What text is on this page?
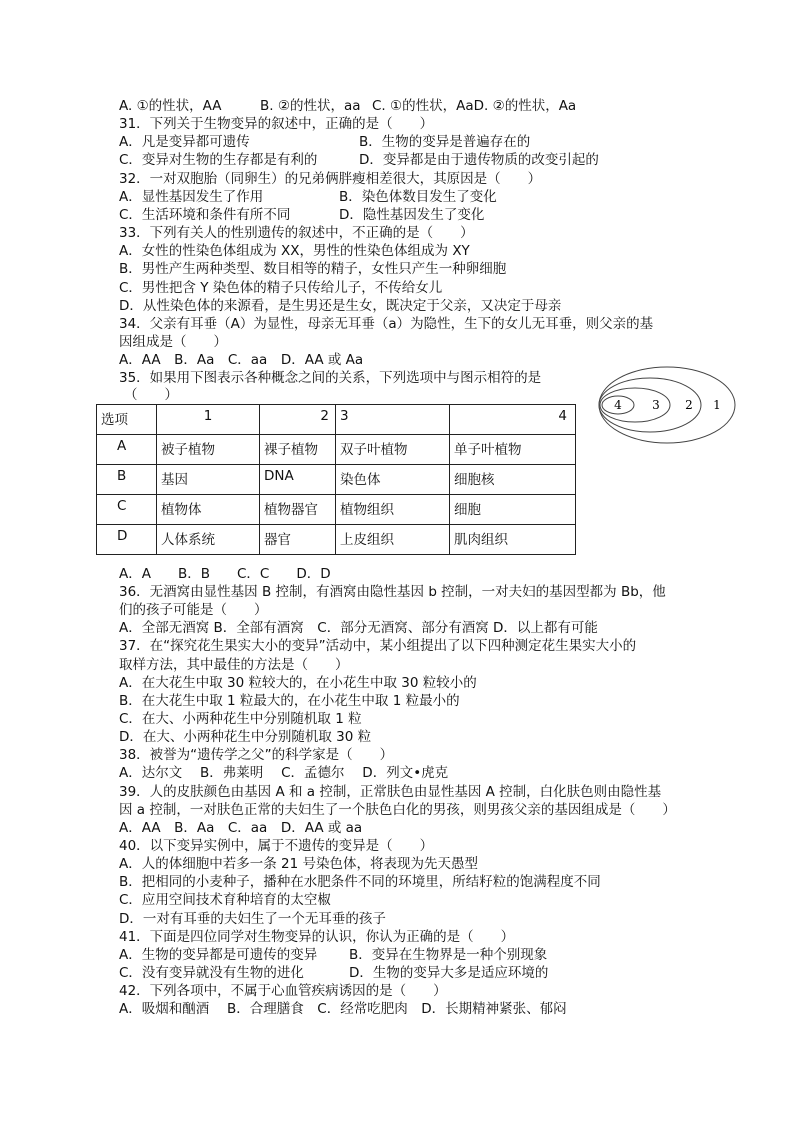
A. ①的性状，AA	B. ②的性状，aa C. ①的性状，AaD. ②的性状，Aa
31．下列关于生物变异的叙述中，正确的是（　　）
A．凡是变异都可遗传	B．生物的变异是普遍存在的
C．变异对生物的生存都是有利的	D．变异都是由于遗传物质的改变引起的
32．一对双胞胎（同卵生）的兄弟俩胖瘦相差很大，其原因是（　　）
A．显性基因发生了作用	B．染色体数目发生了变化
C．生活环境和条件有所不同	D．隐性基因发生了变化
33．下列有关人的性别遗传的叙述中，不正确的是（　　）
A．女性的性染色体组成为 XX，男性的性染色体组成为 XY
B．男性产生两种类型、数目相等的精子，女性只产生一种卵细胞
C．男性把含 Y 染色体的精子只传给儿子，不传给女儿
D．从性染色体的来源看，是生男还是生女，既决定于父亲，又决定于母亲
34．父亲有耳垂（A）为显性，母亲无耳垂（a）为隐性，生下的女儿无耳垂，则父亲的基
因组成是（　　）
A．AA　B．Aa　C．aa　D．AA 或 Aa
35．如果用下图表示各种概念之间的关系，下列选项中与图示相符的是
（　　）
选项	1	2	3	4
A	被子植物	裸子植物	双子叶植物	单子叶植物
B	基因	DNA	染色体	细胞核
C	植物体	植物器官	植物组织	细胞
D	人体系统	器官	上皮组织	肌肉组织
4	3 2 1
A．A　　B．B　　C．C　　D．D
36．无酒窝由显性基因 B 控制，有酒窝由隐性基因 b 控制，一对夫妇的基因型都为 Bb，他
们的孩子可能是（　　）
A．全部无酒窝 B．全部有酒窝　C．部分无酒窝、部分有酒窝 D．以上都有可能
37．在“探究花生果实大小的变异”活动中，某小组提出了以下四种测定花生果实大小的
取样方法，其中最佳的方法是（　　）
A．在大花生中取 30 粒较大的，在小花生中取 30 粒较小的
B．在大花生中取 1 粒最大的，在小花生中取 1 粒最小的
C．在大、小两种花生中分别随机取 1 粒
D．在大、小两种花生中分别随机取 30 粒
38．被誉为“遗传学之父”的科学家是（　　）
A．达尔文　 B．弗莱明　 C．孟德尔　 D．列文•虎克
39．人的皮肤颜色由基因 A 和 a 控制，正常肤色由显性基因 A 控制，白化肤色则由隐性基
因 a 控制，一对肤色正常的夫妇生了一个肤色白化的男孩，则男孩父亲的基因组成是（　　）
A．AA　B．Aa　C．aa　D．AA 或 aa
40．以下变异实例中，属于不遗传的变异是（　　）
A．人的体细胞中若多一条 21 号染色体，将表现为先天愚型
B．把相同的小麦种子，播种在水肥条件不同的环境里，所结籽粒的饱满程度不同
C．应用空间技术育种培育的太空椒
D．一对有耳垂的夫妇生了一个无耳垂的孩子
41．下面是四位同学对生物变异的认识，你认为正确的是（　　）
A．生物的变异都是可遗传的变异 B．变异在生物界是一种个别现象
C．没有变异就没有生物的进化	D．生物的变异大多是适应环境的
42．下列各项中，不属于心血管疾病诱因的是（　　）
A．吸烟和酗酒　 B．合理膳食　C．经常吃肥肉　D．长期精神紧张、郁闷
